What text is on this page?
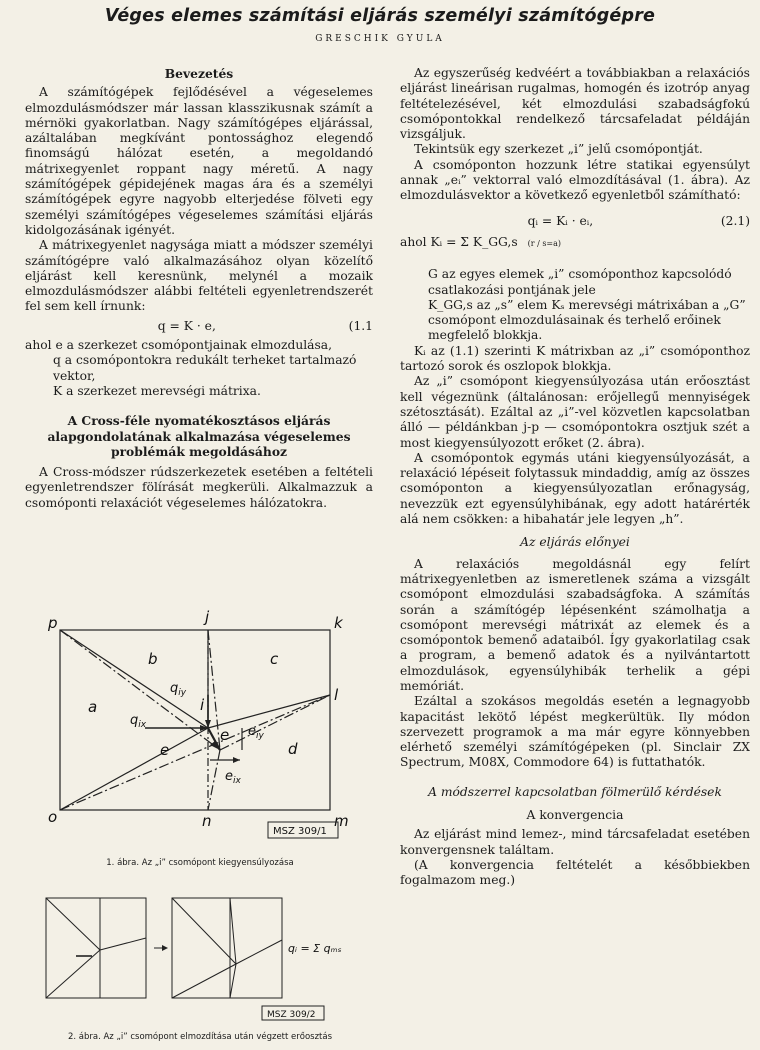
Véges elemes számítási eljárás személyi számítógépre
GRESCHIK GYULA
Bevezetés

A számítógépek fejlődésével a végeselemes elmozdulásmódszer már lassan klasszikusnak számít a mérnöki gyakorlatban. Nagy számítógépes eljárással, azáltalában megkívánt pontossághoz elegendő finomságú hálózat esetén, a megoldandó mátrixegyenlet roppant nagy méretű. A nagy számítógépek gépidejének magas ára és a személyi számítógépek egyre nagyobb elterjedése fölveti egy személyi számítógépes végeselemes számítási eljárás kidolgozásának igényét.

A mátrixegyenlet nagysága miatt a módszer személyi számítógépre való alkalmazásához olyan közelítő eljárást kell keresnünk, melynél a mozaik elmozdulásmódszer alábbi feltételi egyenletrendszerét fel sem kell írnunk:

q = K · e,	(1.1
ahol e a szerkezet csomópontjainak elmozdulása,
q a csomópontokra redukált terheket tartalmazó vektor,
K a szerkezet merevségi mátrixa.
A Cross-féle nyomatékosztásos eljárás alapgondolatának alkalmazása végeselemes problémák megoldásához

A Cross-módszer rúdszerkezetek esetében a feltételi egyenletrendszer fölírását megkerüli. Alkalmazzuk a csomóponti relaxációt végeselemes hálózatokra.

p	j	k
o	n	m
l
b	c
a
e	d
i
e
$q_{iy}$
$q_{ix}$	$e_{iy}$
$e_{ix}$
MSZ 309/1
1. ábra. Az „i” csomópont kiegyensúlyozása
qᵢ = Σ qₘₛ
MSZ 309/2
2. ábra. Az „i” csomópont elmozdítása után végzett erőosztás

Az egyszerűség kedvéért a továbbiakban a relaxációs eljárást lineárisan rugalmas, homogén és izotróp anyag feltételezésével, két elmozdulási szabadságfokú csomópontokkal rendelkező tárcsafeladat példáján vizsgáljuk.

Tekintsük egy szerkezet „i” jelű csomópontját.

A csomóponton hozzunk létre statikai egyensúlyt annak „eᵢ” vektorral való elmozdításával (1. ábra). Az elmozdulásvektor a következő egyenletből számítható:

qᵢ = Kᵢ · eᵢ,	(2.1)
ahol Kᵢ = Σ K_GG,s (r / s=a)
G az egyes elemek „i” csomóponthoz kapcsolódó csatlakozási pontjának jele
K_GG,s az „s” elem Kₛ merevségi mátrixában a „G” csomópont elmozdulásainak és terhelő erőinek megfelelő blokkja.

Kᵢ az (1.1) szerinti K mátrixban az „i” csomóponthoz tartozó sorok és oszlopok blokkja.

Az „i” csomópont kiegyensúlyozása után erőosztást kell végeznünk (általánosan: erőjellegű mennyiségek szétosztását). Ezáltal az „i”-vel közvetlen kapcsolatban álló — példánkban j-p — csomópontokra osztjuk szét a most kiegyensúlyozott erőket (2. ábra).

A csomópontok egymás utáni kiegyensúlyozását, a relaxáció lépéseit folytassuk mindaddig, amíg az összes csomóponton a kiegyensúlyozatlan erőnagyság, nevezzük ezt egyensúlyhibának, egy adott határérték alá nem csökken: a hibahatár jele legyen „h”.

Az eljárás előnyei

A relaxációs megoldásnál egy felírt mátrixegyenletben az ismeretlenek száma a vizsgált csomópont elmozdulási szabadságfoka. A számítás során a számítógép lépésenként számolhatja a csomópont merevségi mátrixát az elemek és a csomópontok bemenő adataiból. Így gyakorlatilag csak a program, a bemenő adatok és a nyilvántartott elmozdulások, egyensúlyhibák terhelik a gépi memóriát.

Ezáltal a szokásos megoldás esetén a legnagyobb kapacitást lekötő lépést megkerültük. Ily módon szervezett programok a ma már egyre könnyebben elérhető személyi számítógépeken (pl. Sinclair ZX Spectrum, M08X, Commodore 64) is futtathatók.

A módszerrel kapcsolatban fölmerülő kérdések
A konvergencia

Az eljárást mind lemez-, mind tárcsafeladat esetében konvergensnek találtam.

(A konvergencia feltételét a későbbiekben fogalmazom meg.)
